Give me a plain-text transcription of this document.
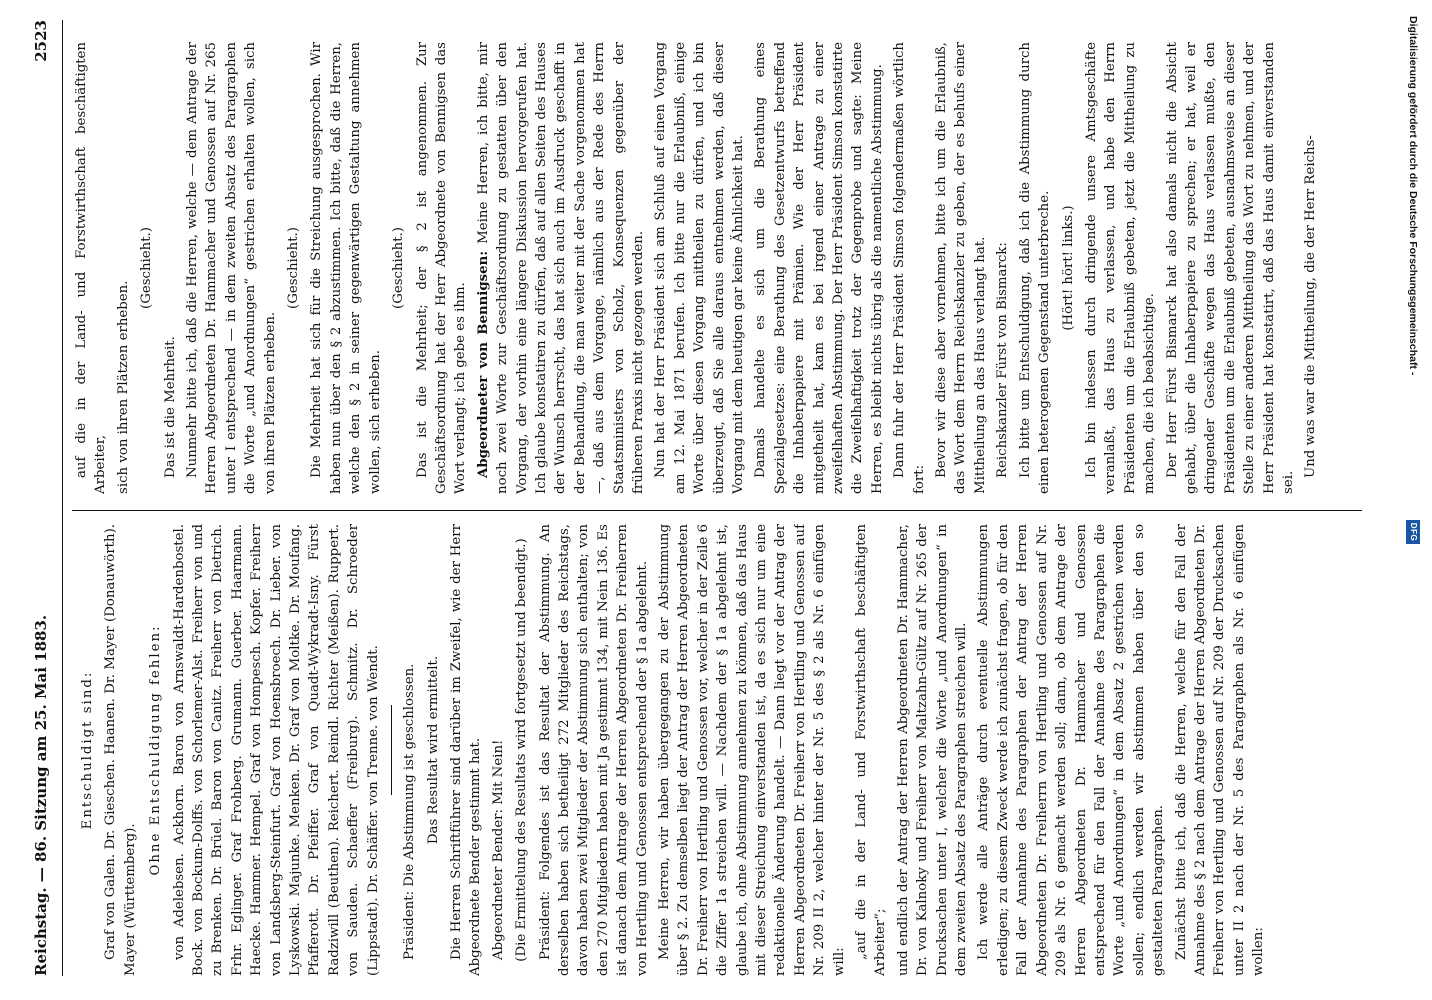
Reichstag. — 86. Sitzung am 25. Mai 1883.
2523
Entschuldigt sind: Graf von Galen. Dr. Gieschen. Haanen. Dr. Mayer (Donauwörth). Mayer (Württemberg).

Ohne Entschuldigung fehlen: von Adelebsen. Ackhorn. Baron von Arnswaldt-Hardenbostel. Bock. von Bockum-Dolffs. von Schorlemer-Alst. Freiherr von und zu Brenken. Dr. Brüel. Baron von Canitz. Freiherr von Dietrich. Frhr. Eglinger. Graf Frohberg. Grumann. Guerber. Haarmann. Haecke. Hammer. Hempel. Graf von Hompesch. Kopfer. Freiherr von Landsberg-Steinfurt. Graf von Hoensbroech. Dr. Lieber. von Lyskowski. Majunke. Menken. Dr. Graf von Moltke. Dr. Moufang. Pfafferott. Dr. Pfeiffer. Graf von Quadt-Wykradt-Isny. Fürst Radziwill (Beuthen). Reichert. Reindl. Richter (Meißen). Ruppert. von Sauden. Schaeffer (Freiburg). Schmitz. Dr. Schroeder (Lippstadt). Dr. Schäffer. von Trenne. von Wendt. Präsident: Die Abstimmung ist geschlossen. Das Resultat wird ermittelt. Die Herren Schriftführer sind darüber im Zweifel, wie der Herr Abgeordnete Bender gestimmt hat. Abgeordneter Bender: Mit Nein! (Die Ermittelung des Resultats wird fortgesetzt und beendigt.) Präsident: Folgendes ist das Resultat der Abstimmung. An derselben haben sich betheiligt 272 Mitglieder des Reichstags, davon haben zwei Mitglieder der Abstimmung sich enthalten; von den 270 Mitgliedern haben mit Ja gestimmt 134, mit Nein 136. Es ist danach dem Antrage der Herren Abgeordneten Dr. Freiherren von Hertling und Genossen entsprechend der § 1a abgelehnt. Meine Herren, wir haben übergegangen zu der Abstimmung über § 2. Zu demselben liegt der Antrag der Herren Abgeordneten Dr. Freiherr von Hertling und Genossen vor, welcher in der Zeile 6 die Ziffer 1a streichen will. — Nachdem der § 1a abgelehnt ist, glaube ich, ohne Abstimmung annehmen zu können, daß das Haus mit dieser Streichung einverstanden ist, da es sich nur um eine redaktionelle Änderung handelt. — Dann liegt vor der Antrag der Herren Abgeordneten Dr. Freiherr von Hertling und Genossen auf Nr. 209 II 2, welcher hinter der Nr. 5 des § 2 als Nr. 6 einfügen will:

„auf die in der Land- und Forstwirthschaft beschäftigten Arbeiter“; und endlich der Antrag der Herren Abgeordneten Dr. Hammacher, Dr. von Kalnoky und Freiherr von Maltzahn-Gültz auf Nr. 265 der Drucksachen unter I, welcher die Worte „und Anordnungen“ in dem zweiten Absatz des Paragraphen streichen will. Ich werde alle Anträge durch eventuelle Abstimmungen erledigen; zu diesem Zweck werde ich zunächst fragen, ob für den Fall der Annahme des Paragraphen der Antrag der Herren Abgeordneten Dr. Freiherrn von Hertling und Genossen auf Nr. 209 als Nr. 6 gemacht werden soll; dann, ob dem Antrage der Herren Abgeordneten Dr. Hammacher und Genossen entsprechend für den Fall der Annahme des Paragraphen die Worte „und Anordnungen“ in dem Absatz 2 gestrichen werden sollen; endlich werden wir abstimmen haben über den so gestalteten Paragraphen. Zunächst bitte ich, daß die Herren, welche für den Fall der Annahme des § 2 nach dem Antrage der Herren Abgeordneten Dr. Freiherr von Hertling und Genossen auf Nr. 209 der Drucksachen unter II 2 nach der Nr. 5 des Paragraphen als Nr. 6 einfügen wollen:

auf die in der Land- und Forstwirthschaft beschäftigten Arbeiter, sich von ihren Plätzen erheben.

(Geschieht.)

Das ist die Mehrheit. Nunmehr bitte ich, daß die Herren, welche — dem Antrage der Herren Abgeordneten Dr. Hammacher und Genossen auf Nr. 265 unter I entsprechend — in dem zweiten Absatz des Paragraphen die Worte „und Anordnungen“ gestrichen erhalten wollen, sich von ihren Plätzen erheben.

(Geschieht.) Die Mehrheit hat sich für die Streichung ausgesprochen. Wir haben nun über den § 2 abzustimmen. Ich bitte, daß die Herren, welche den § 2 in seiner gegenwärtigen Gestaltung annehmen wollen, sich erheben.

(Geschieht.) Das ist die Mehrheit; der § 2 ist angenommen. Zur Geschäftsordnung hat der Herr Abgeordnete von Bennigsen das Wort verlangt; ich gebe es ihm. Abgeordneter von Bennigsen: Meine Herren, ich bitte, mir noch zwei Worte zur Geschäftsordnung zu gestatten über den Vorgang, der vorhin eine längere Diskussion hervorgerufen hat. Ich glaube konstatiren zu dürfen, daß auf allen Seiten des Hauses der Wunsch herrscht, das hat sich auch im Ausdruck geschafft in der Behandlung, die man weiter mit der Sache vorgenommen hat —, daß aus dem Vorgange, nämlich aus der Rede des Herrn Staatsministers von Scholz, Konsequenzen gegenüber der früheren Praxis nicht gezogen werden. Nun hat der Herr Präsident sich am Schluß auf einen Vorgang am 12. Mai 1871 berufen. Ich bitte nur die Erlaubniß, einige Worte über diesen Vorgang mittheilen zu dürfen, und ich bin überzeugt, daß Sie alle daraus entnehmen werden, daß dieser Vorgang mit dem heutigen gar keine Ähnlichkeit hat. Damals handelte es sich um die Berathung eines Spezialgesetzes: eine Berathung des Gesetzentwurfs betreffend die Inhaberpapiere mit Prämien. Wie der Herr Präsident mitgetheilt hat, kam es bei irgend einer Antrage zu einer zweifelhaften Abstimmung. Der Herr Präsident Simson konstatirte die Zweifelhaftigkeit trotz der Gegenprobe und sagte: Meine Herren, es bleibt nichts übrig als die namentliche Abstimmung. Dann fuhr der Herr Präsident Simson folgendermaßen wörtlich fort:

Bevor wir diese aber vornehmen, bitte ich um die Erlaubniß, das Wort dem Herrn Reichskanzler zu geben, der es behufs einer Mittheilung an das Haus verlangt hat. Reichskanzler Fürst von Bismarck: Ich bitte um Entschuldigung, daß ich die Abstimmung durch einen heterogenen Gegenstand unterbreche. (Hört! hört! links.) Ich bin indessen durch dringende unsere Amtsgeschäfte veranlaßt, das Haus zu verlassen, und habe den Herrn Präsidenten um die Erlaubniß gebeten, jetzt die Mittheilung zu machen, die ich beabsichtige. Der Herr Fürst Bismarck hat also damals nicht die Absicht gehabt, über die Inhaberpapiere zu sprechen; er hat, weil er dringender Geschäfte wegen das Haus verlassen mußte, den Präsidenten um die Erlaubniß gebeten, ausnahmsweise an dieser Stelle zu einer anderen Mittheilung das Wort zu nehmen, und der Herr Präsident hat konstatirt, daß das Haus damit einverstanden sei.

Und was war die Mittheilung, die der Herr Reichs-	Digitalisierung gefördert durch die Deutsche Forschungsgemeinschaft -
DFG
